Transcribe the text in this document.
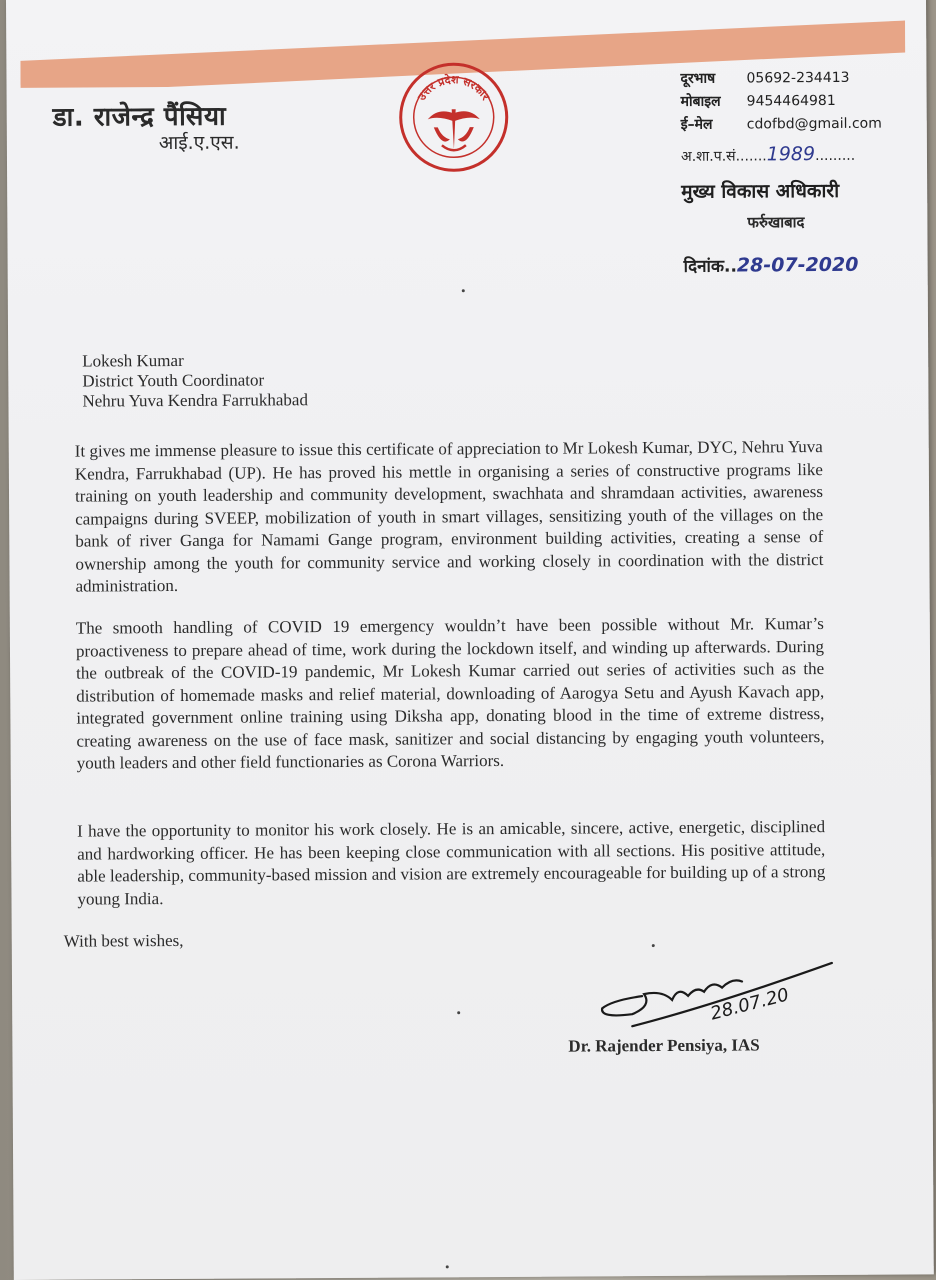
डा. राजेन्द्र पैंसिया
आई.ए.एस.
उत्तर प्रदेश सरकार
दूरभाष	05692-234413
मोबाइल	9454464981
ई–मेल	cdofbd@gmail.com
अ.शा.प.सं.......1989.........
मुख्य विकास अधिकारी
फर्रुखाबाद
दिनांक..28-07-2020
Lokesh Kumar
District Youth Coordinator
Nehru Yuva Kendra Farrukhabad
It gives me immense pleasure to issue this certificate of appreciation to Mr Lokesh Kumar, DYC, Nehru Yuva Kendra, Farrukhabad (UP). He has proved his mettle in organising a series of constructive programs like training on youth leadership and community development, swachhata and shramdaan activities, awareness campaigns during SVEEP, mobilization of youth in smart villages, sensitizing youth of the villages on the bank of river Ganga for Namami Gange program, environment building activities, creating a sense of ownership among the youth for community service and working closely in coordination with the district administration.
The smooth handling of COVID 19 emergency wouldn’t have been possible without Mr. Kumar’s proactiveness to prepare ahead of time, work during the lockdown itself, and winding up afterwards. During the outbreak of the COVID-19 pandemic, Mr Lokesh Kumar carried out series of activities such as the distribution of homemade masks and relief material, downloading of Aarogya Setu and Ayush Kavach app, integrated government online training using Diksha app, donating blood in the time of extreme distress, creating awareness on the use of face mask, sanitizer and social distancing by engaging youth volunteers, youth leaders and other field functionaries as Corona Warriors.
I have the opportunity to monitor his work closely. He is an amicable, sincere, active, energetic, disciplined and hardworking officer. He has been keeping close communication with all sections. His positive attitude, able leadership, community-based mission and vision are extremely encourageable for building up of a strong young India.
With best wishes,
28.07.20
Dr. Rajender Pensiya, IAS
